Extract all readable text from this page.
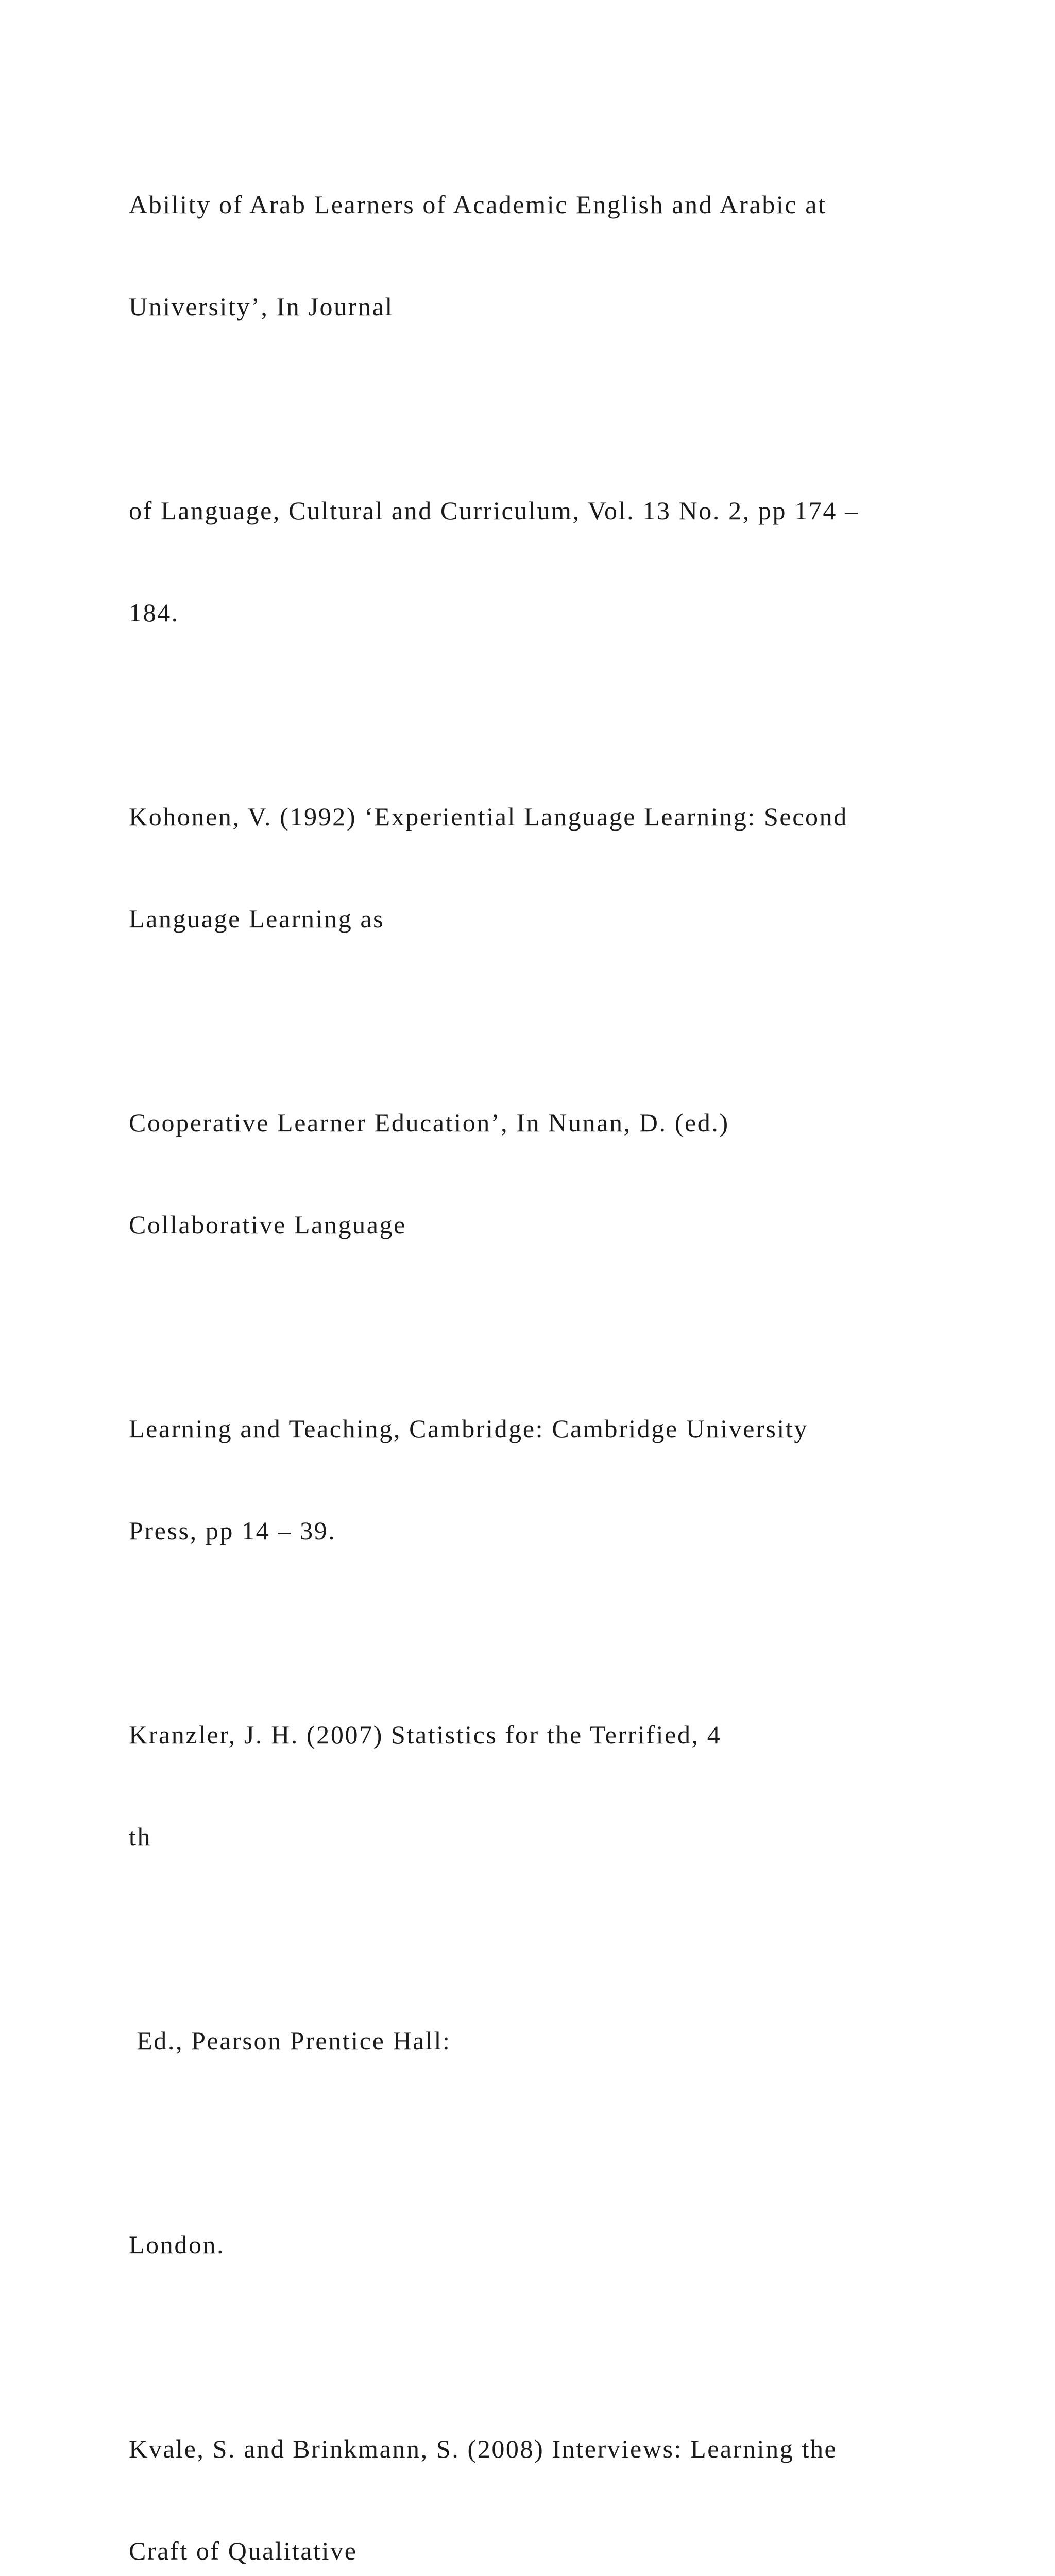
Ability of Arab Learners of Academic English and Arabic at

University’, In Journal

of Language, Cultural and Curriculum, Vol. 13 No. 2, pp 174 –

184.

Kohonen, V. (1992) ‘Experiential Language Learning: Second

Language Learning as

Cooperative Learner Education’, In Nunan, D. (ed.)

Collaborative Language

Learning and Teaching, Cambridge: Cambridge University

Press, pp 14 – 39.

Kranzler, J. H. (2007) Statistics for the Terrified, 4

th

Ed., Pearson Prentice Hall:

London.

Kvale, S. and Brinkmann, S. (2008) Interviews: Learning the

Craft of Qualitative
